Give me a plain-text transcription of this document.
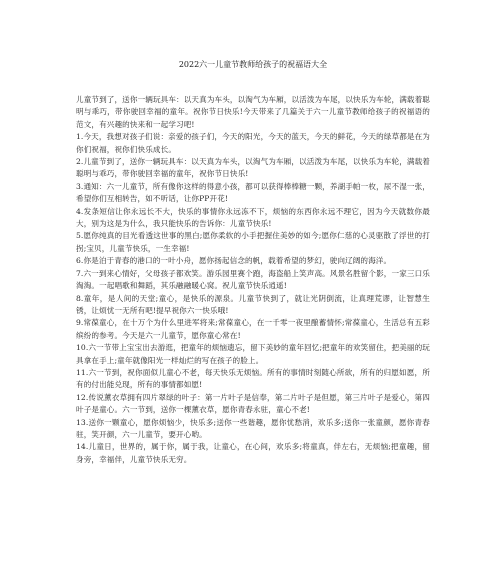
2022六一儿童节教师给孩子的祝福语大全

儿童节到了，送你一辆玩具车：以天真为车头，以淘气为车厢，以活泼为车尾，以快乐为车轮，满载着聪明与乖巧，带你驶回幸福的童年。祝你节日快乐!今天带来了几篇关于六一儿童节教师给孩子的祝福语的范文，有兴趣的快来和一起学习吧!

1.今天，我想对孩子们说：亲爱的孩子们，今天的阳光，今天的蓝天，今天的鲜花，今天的绿草都是在为你们祝福，祝你们快乐成长。

2.儿童节到了，送你一辆玩具车：以天真为车头，以淘气为车厢，以活泼为车尾，以快乐为车轮，满载着聪明与乖巧，带你驶回幸福的童年，祝你节日快乐!

3.通知：六一儿童节，所有像你这样的得意小孩，都可以获得棒棒糖一颗，养湖手帕一枚，尿不湿一张，希望你们互相转告，如不听话，让你PP开花!

4.发条短信让你永远长不大，快乐的事情你永远冻不下，烦恼的东西你永远不理它，因为今天就数你最大，别为这是为什么，我只能快乐的告诉你：儿童节快乐!

5.愿你纯真的目光看透这世事的黑白;愿你柔软的小手把握住美妙的如今;愿你仁慈的心灵驱散了浮世的打拐;宝贝，儿童节快乐，一生幸福!

6.你是泊于青春的港口的一叶小舟，愿你扬起信念的帆，载着希望的梦幻，驶向辽阔的海洋。

7.六一到来心情好，父母孩子都欢笑。游乐园里赛个跑，海盗船上笑声高。风景名胜留个影，一家三口乐淘淘。一起唱歌和舞蹈，其乐融融暖心窝。祝儿童节快乐逍遥!

8.童年，是人间的天堂;童心，是快乐的源泉。儿童节快到了，就让光阴倒流，让真理荒谬，让智慧生锈，让烦忧一无所有吧!提早祝你六一快乐哦!

9.常葆童心，在十万个为什么里进军将来;常葆童心，在一千零一夜里酿蓄情怀;常葆童心，生活总有五彩缤纷的参考。今天是六一儿童节，愿你童心常在!

10.六一节带上宝宝出去游逛，把童年的烦恼遗忘，留下美妙的童年回忆;把童年的欢笑留住，把美丽的玩具拿在手上;童年就像阳光一样灿烂的写在孩子的脸上。

11.六一节到，祝你面似儿童心不老，每天快乐无烦恼。所有的事情时刻随心所欲，所有的归愿如愿，所有的付出能兑现，所有的事情都如愿!

12.传说薰衣草拥有四片翠绿的叶子：第一片叶子是信奉，第二片叶子是但愿，第三片叶子是爱心，第四叶子是童心。六一节到，送你一棵薰衣草，愿你青春永驻，童心不老!

13.送你一颗童心，愿你烦恼少，快乐多;送你一些谐趣，愿你忧愁消，欢乐多;送你一张童颜，愿你青春驻，笑开颜，六一儿童节，要开心哟。

14.儿童日，世界的，属于你，属于我，让童心，在心间，欢乐多;将童真，伴左右，无烦恼;把童趣，留身旁，幸福伴，儿童节快乐无穷。
